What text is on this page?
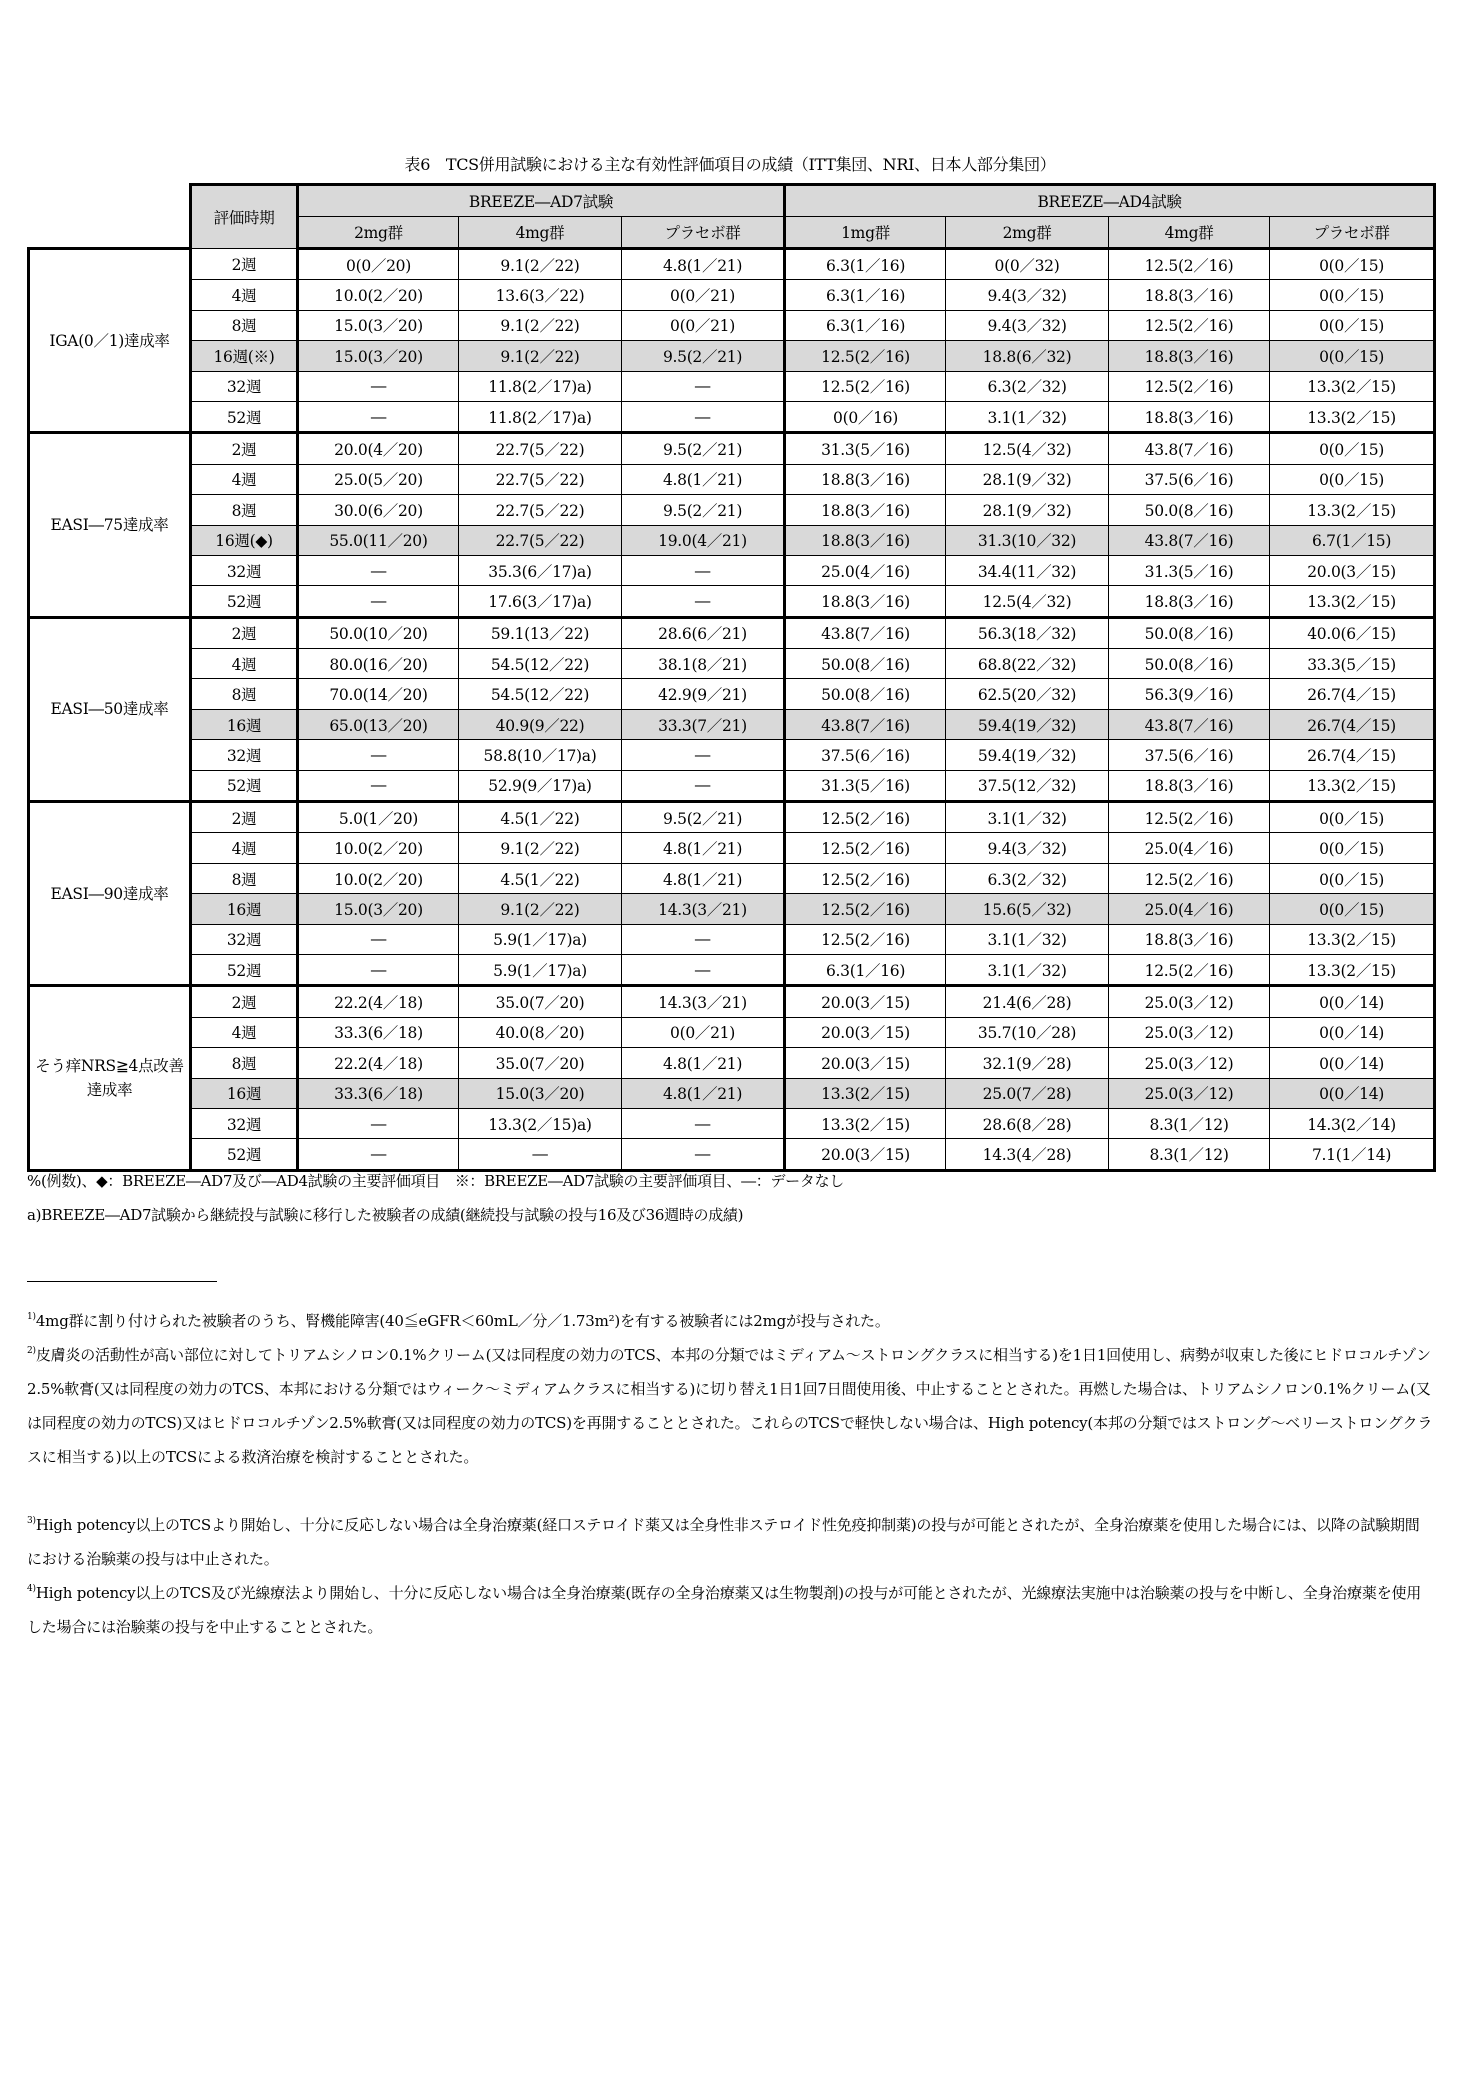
表6　TCS併用試験における主な有効性評価項目の成績（ITT集団、NRI、日本人部分集団）
	評価時期	BREEZE―AD7試験			BREEZE―AD4試験			
		2mg群	4mg群	プラセボ群	1mg群	2mg群	4mg群	プラセボ群
IGA(0／1)達成率	2週	0(0／20)	9.1(2／22)	4.8(1／21)	6.3(1／16)	0(0／32)	12.5(2／16)	0(0／15)
	4週	10.0(2／20)	13.6(3／22)	0(0／21)	6.3(1／16)	9.4(3／32)	18.8(3／16)	0(0／15)
	8週	15.0(3／20)	9.1(2／22)	0(0／21)	6.3(1／16)	9.4(3／32)	12.5(2／16)	0(0／15)
	16週(※)	15.0(3／20)	9.1(2／22)	9.5(2／21)	12.5(2／16)	18.8(6／32)	18.8(3／16)	0(0／15)
	32週	―	11.8(2／17)a)	―	12.5(2／16)	6.3(2／32)	12.5(2／16)	13.3(2／15)
	52週	―	11.8(2／17)a)	―	0(0／16)	3.1(1／32)	18.8(3／16)	13.3(2／15)
EASI―75達成率	2週	20.0(4／20)	22.7(5／22)	9.5(2／21)	31.3(5／16)	12.5(4／32)	43.8(7／16)	0(0／15)
	4週	25.0(5／20)	22.7(5／22)	4.8(1／21)	18.8(3／16)	28.1(9／32)	37.5(6／16)	0(0／15)
	8週	30.0(6／20)	22.7(5／22)	9.5(2／21)	18.8(3／16)	28.1(9／32)	50.0(8／16)	13.3(2／15)
	16週(◆)	55.0(11／20)	22.7(5／22)	19.0(4／21)	18.8(3／16)	31.3(10／32)	43.8(7／16)	6.7(1／15)
	32週	―	35.3(6／17)a)	―	25.0(4／16)	34.4(11／32)	31.3(5／16)	20.0(3／15)
	52週	―	17.6(3／17)a)	―	18.8(3／16)	12.5(4／32)	18.8(3／16)	13.3(2／15)
EASI―50達成率	2週	50.0(10／20)	59.1(13／22)	28.6(6／21)	43.8(7／16)	56.3(18／32)	50.0(8／16)	40.0(6／15)
	4週	80.0(16／20)	54.5(12／22)	38.1(8／21)	50.0(8／16)	68.8(22／32)	50.0(8／16)	33.3(5／15)
	8週	70.0(14／20)	54.5(12／22)	42.9(9／21)	50.0(8／16)	62.5(20／32)	56.3(9／16)	26.7(4／15)
	16週	65.0(13／20)	40.9(9／22)	33.3(7／21)	43.8(7／16)	59.4(19／32)	43.8(7／16)	26.7(4／15)
	32週	―	58.8(10／17)a)	―	37.5(6／16)	59.4(19／32)	37.5(6／16)	26.7(4／15)
	52週	―	52.9(9／17)a)	―	31.3(5／16)	37.5(12／32)	18.8(3／16)	13.3(2／15)
EASI―90達成率	2週	5.0(1／20)	4.5(1／22)	9.5(2／21)	12.5(2／16)	3.1(1／32)	12.5(2／16)	0(0／15)
	4週	10.0(2／20)	9.1(2／22)	4.8(1／21)	12.5(2／16)	9.4(3／32)	25.0(4／16)	0(0／15)
	8週	10.0(2／20)	4.5(1／22)	4.8(1／21)	12.5(2／16)	6.3(2／32)	12.5(2／16)	0(0／15)
	16週	15.0(3／20)	9.1(2／22)	14.3(3／21)	12.5(2／16)	15.6(5／32)	25.0(4／16)	0(0／15)
	32週	―	5.9(1／17)a)	―	12.5(2／16)	3.1(1／32)	18.8(3／16)	13.3(2／15)
	52週	―	5.9(1／17)a)	―	6.3(1／16)	3.1(1／32)	12.5(2／16)	13.3(2／15)
そう痒NRS≧4点改善達成率	2週	22.2(4／18)	35.0(7／20)	14.3(3／21)	20.0(3／15)	21.4(6／28)	25.0(3／12)	0(0／14)
	4週	33.3(6／18)	40.0(8／20)	0(0／21)	20.0(3／15)	35.7(10／28)	25.0(3／12)	0(0／14)
	8週	22.2(4／18)	35.0(7／20)	4.8(1／21)	20.0(3／15)	32.1(9／28)	25.0(3／12)	0(0／14)
	16週	33.3(6／18)	15.0(3／20)	4.8(1／21)	13.3(2／15)	25.0(7／28)	25.0(3／12)	0(0／14)
	32週	―	13.3(2／15)a)	―	13.3(2／15)	28.6(8／28)	8.3(1／12)	14.3(2／14)
	52週	―	―	―	20.0(3／15)	14.3(4／28)	8.3(1／12)	7.1(1／14)
%(例数)、◆：BREEZE―AD7及び―AD4試験の主要評価項目　※：BREEZE―AD7試験の主要評価項目、―：データなし
a)BREEZE―AD7試験から継続投与試験に移行した被験者の成績(継続投与試験の投与16及び36週時の成績)
$^{1)}$4mg群に割り付けられた被験者のうち、腎機能障害(40≦eGFR＜60mL／分／1.73m²)を有する被験者には2mgが投与された。
$^{2)}$皮膚炎の活動性が高い部位に対してトリアムシノロン0.1%クリーム(又は同程度の効力のTCS、本邦の分類ではミディアム～ストロングクラスに相当する)を1日1回使用し、病勢が収束した後にヒドロコルチゾン2.5%軟膏(又は同程度の効力のTCS、本邦における分類ではウィーク～ミディアムクラスに相当する)に切り替え1日1回7日間使用後、中止することとされた。再燃した場合は、トリアムシノロン0.1%クリーム(又は同程度の効力のTCS)又はヒドロコルチゾン2.5%軟膏(又は同程度の効力のTCS)を再開することとされた。これらのTCSで軽快しない場合は、High potency(本邦の分類ではストロング～ベリーストロングクラスに相当する)以上のTCSによる救済治療を検討することとされた。
$^{3)}$High potency以上のTCSより開始し、十分に反応しない場合は全身治療薬(経口ステロイド薬又は全身性非ステロイド性免疫抑制薬)の投与が可能とされたが、全身治療薬を使用した場合には、以降の試験期間における治験薬の投与は中止された。
$^{4)}$High potency以上のTCS及び光線療法より開始し、十分に反応しない場合は全身治療薬(既存の全身治療薬又は生物製剤)の投与が可能とされたが、光線療法実施中は治験薬の投与を中断し、全身治療薬を使用した場合には治験薬の投与を中止することとされた。
